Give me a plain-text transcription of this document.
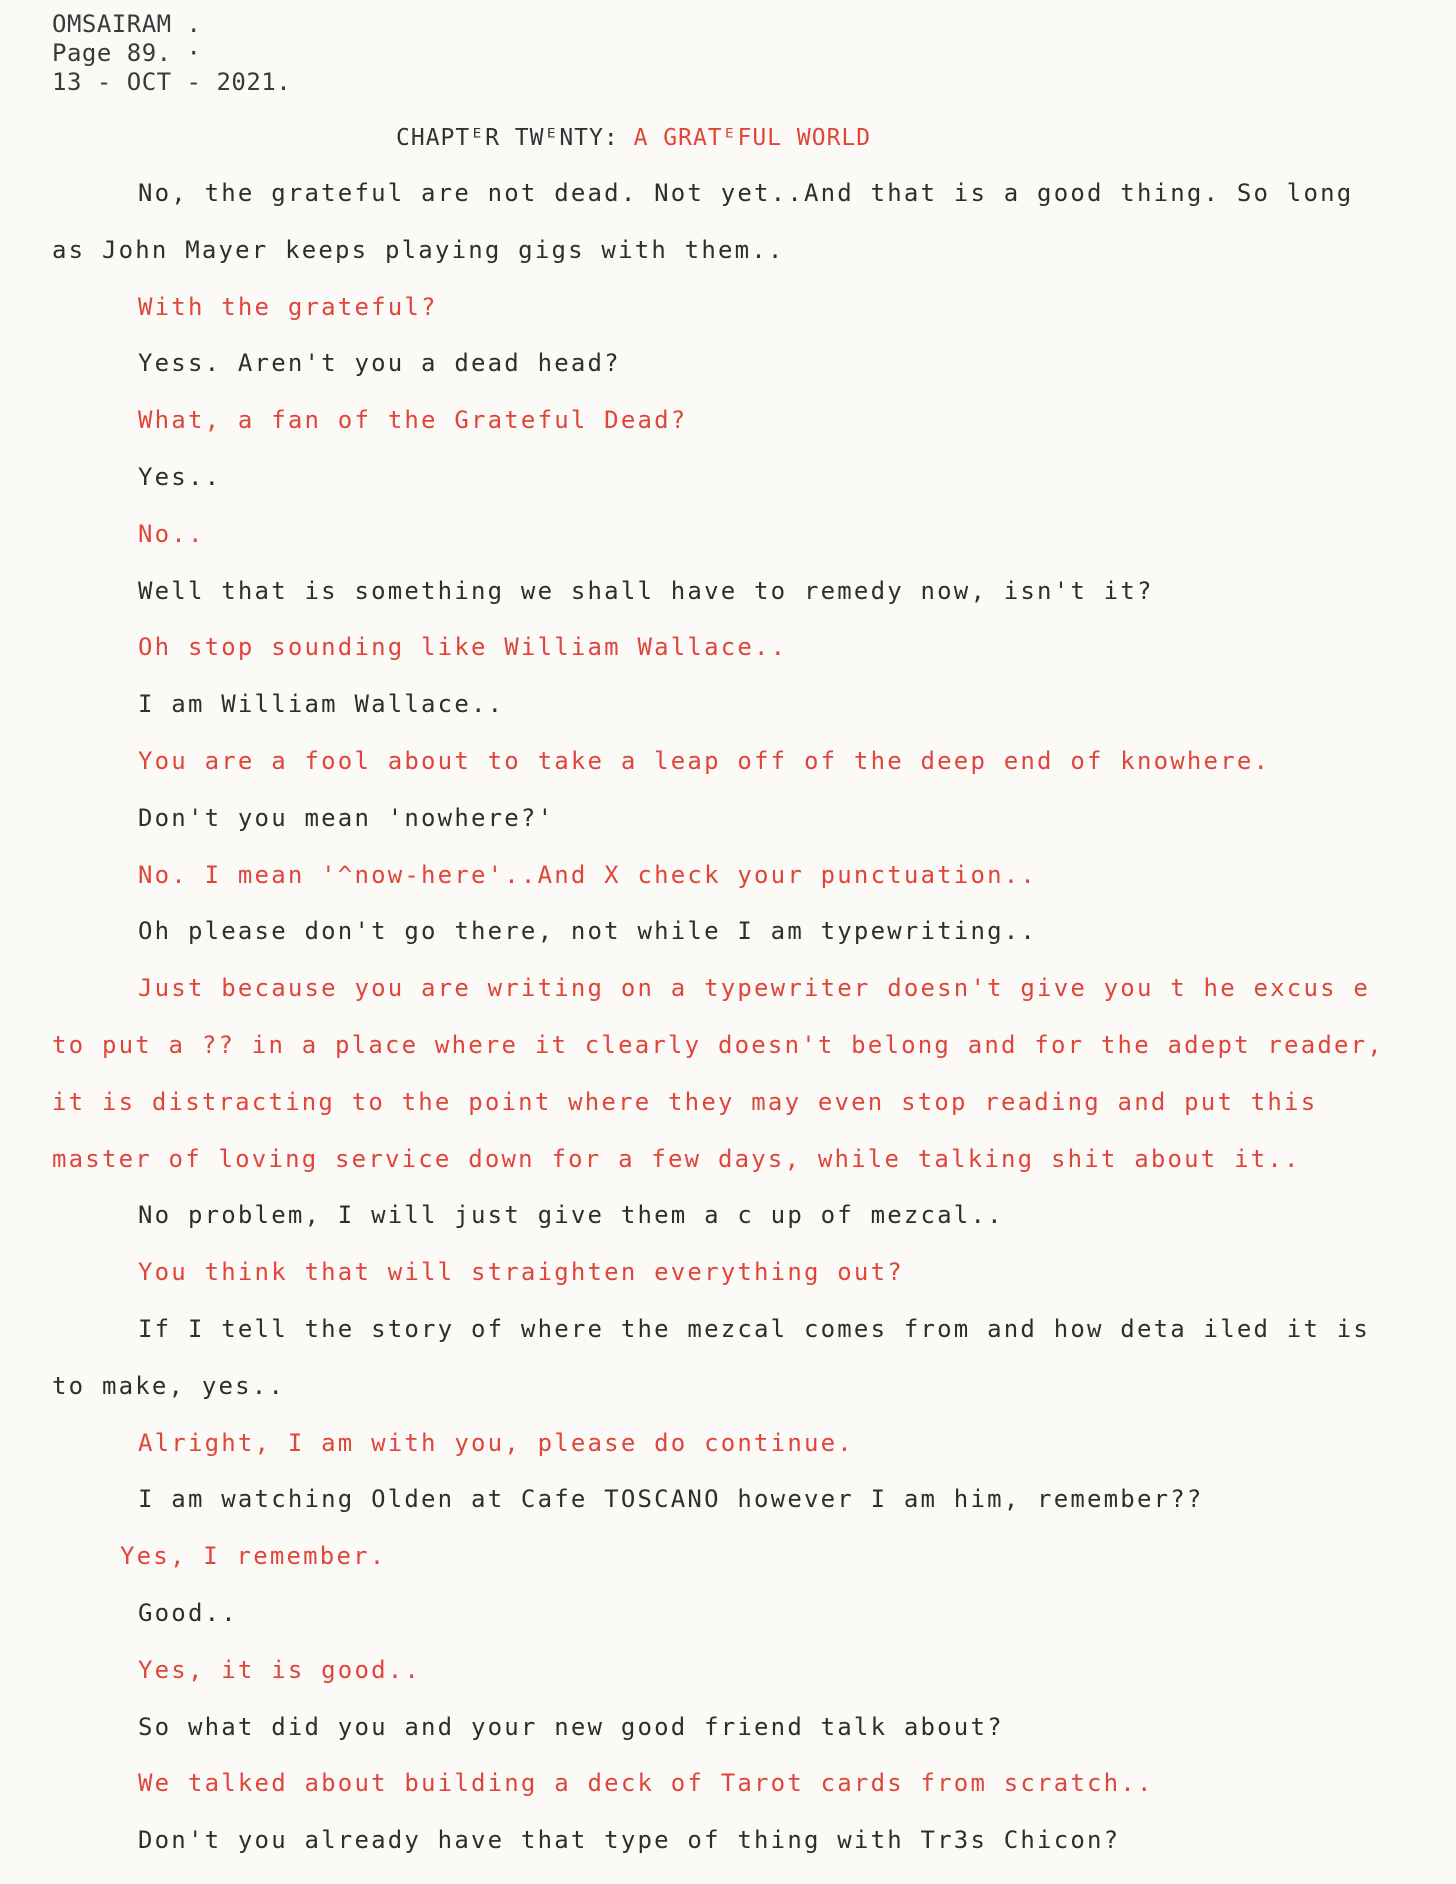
OMSAIRAM .
Page 89. ·
13 - OCT - 2021.
CHAPTᴱR TWᴱNTY: A GRATᴱFUL WORLD
No, the grateful are not dead. Not yet..And that is a good thing. So long
as John Mayer keeps playing gigs with them..
With the grateful?
Yess. Aren't you a dead head?
What, a fan of the Grateful Dead?
Yes..
No..
Well that is something we shall have to remedy now, isn't it?
Oh stop sounding like William Wallace..
I am William Wallace..
You are a fool about to take a leap off of the deep end of knowhere.
Don't you mean 'nowhere?'
No. I mean '^now-here'..And X check your punctuation..
Oh please don't go there, not while I am typewriting..
Just because you are writing on a typewriter doesn't give you t he excus e
to put a ?? in a place where it clearly doesn't belong and for the adept reader,
it is distracting to the point where they may even stop reading and put this
master of loving service down for a few days, while talking shit about it..
No problem, I will just give them a c up of mezcal..
You think that will straighten everything out?
If I tell the story of where the mezcal comes from and how deta iled it is
to make, yes..
Alright, I am with you, please do continue.
I am watching Olden at Cafe TOSCANO however I am him, remember??
Yes, I remember.
Good..
Yes, it is good..
So what did you and your new good friend talk about?
We talked about building a deck of Tarot cards from scratch..
Don't you already have that type of thing with Tr3s Chicon?
